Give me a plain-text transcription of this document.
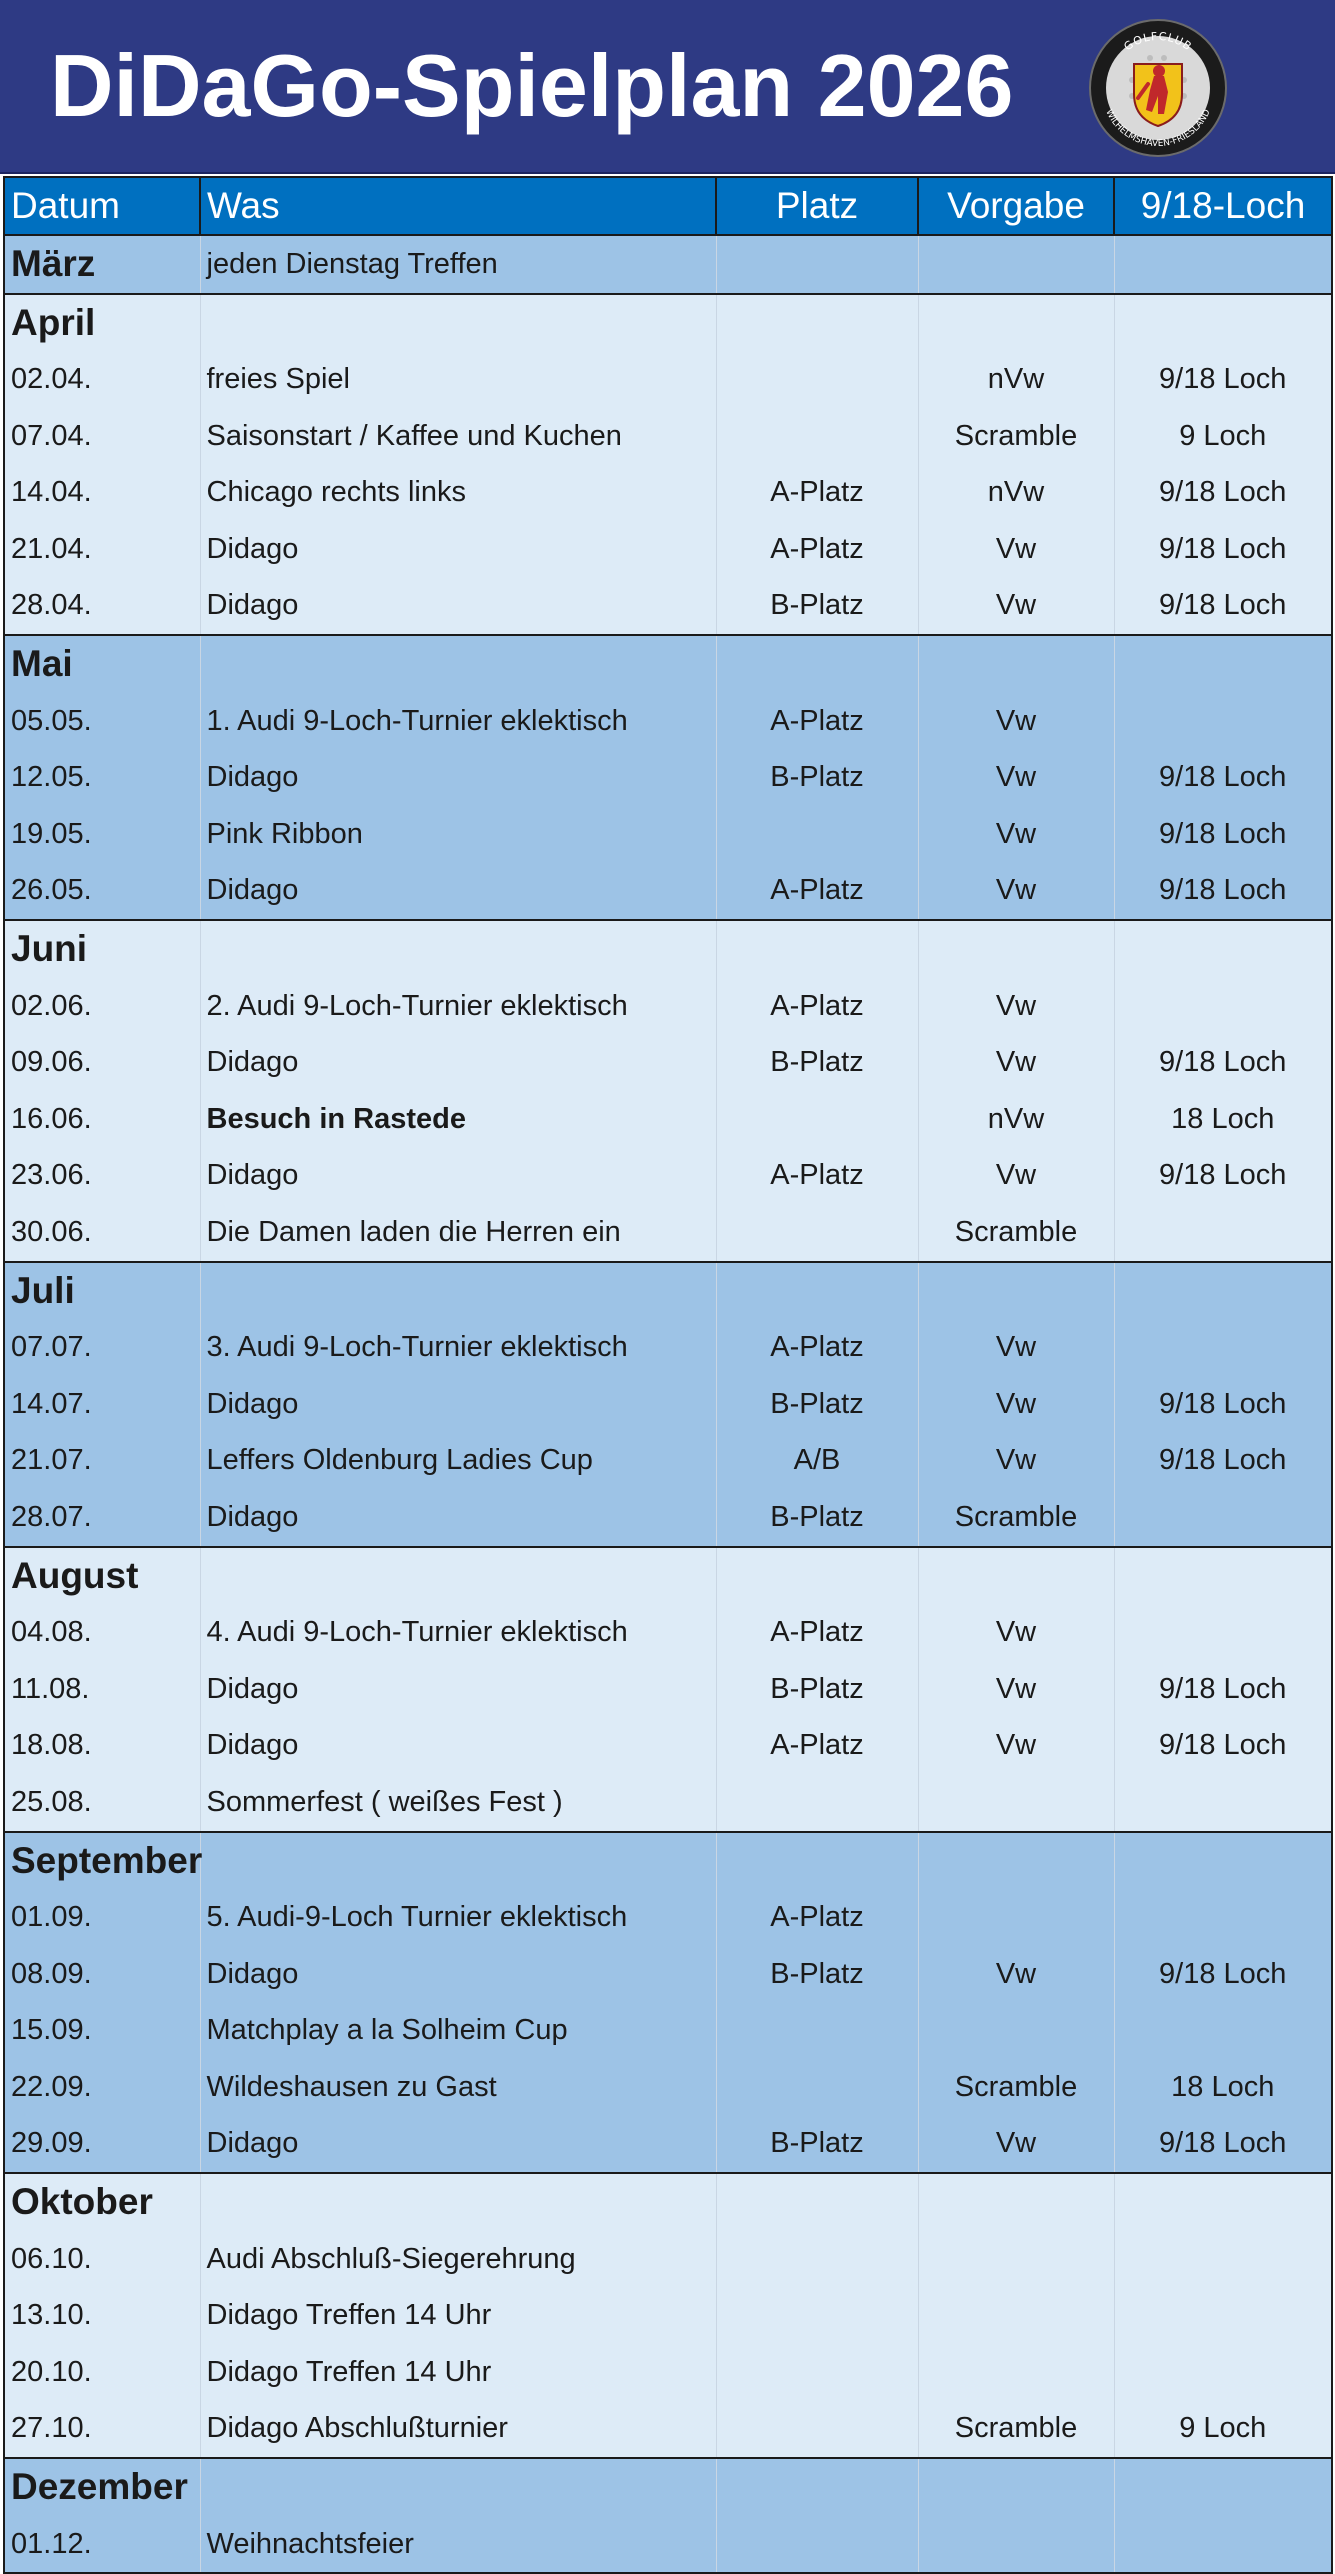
DiDaGo-Spielplan 2026	GOLFCLUB
WILHELMSHAVEN-FRIESLAND
Datum	Was	Platz	Vorgabe	9/18-Loch
März	jeden Dienstag Treffen			
April				
02.04.	freies Spiel		nVw	9/18 Loch
07.04.	Saisonstart / Kaffee und Kuchen		Scramble	9 Loch
14.04.	Chicago rechts links	A-Platz	nVw	9/18 Loch
21.04.	Didago	A-Platz	Vw	9/18 Loch
28.04.	Didago	B-Platz	Vw	9/18 Loch
Mai				
05.05.	1. Audi 9-Loch-Turnier eklektisch	A-Platz	Vw	
12.05.	Didago	B-Platz	Vw	9/18 Loch
19.05.	Pink Ribbon		Vw	9/18 Loch
26.05.	Didago	A-Platz	Vw	9/18 Loch
Juni				
02.06.	2. Audi 9-Loch-Turnier eklektisch	A-Platz	Vw	
09.06.	Didago	B-Platz	Vw	9/18 Loch
16.06.	Besuch in Rastede		nVw	18 Loch
23.06.	Didago	A-Platz	Vw	9/18 Loch
30.06.	Die Damen laden die Herren ein		Scramble	
Juli				
07.07.	3. Audi 9-Loch-Turnier eklektisch	A-Platz	Vw	
14.07.	Didago	B-Platz	Vw	9/18 Loch
21.07.	Leffers Oldenburg Ladies Cup	A/B	Vw	9/18 Loch
28.07.	Didago	B-Platz	Scramble	
August				
04.08.	4. Audi 9-Loch-Turnier eklektisch	A-Platz	Vw	
11.08.	Didago	B-Platz	Vw	9/18 Loch
18.08.	Didago	A-Platz	Vw	9/18 Loch
25.08.	Sommerfest ( weißes Fest )			
September				
01.09.	5. Audi-9-Loch Turnier eklektisch	A-Platz		
08.09.	Didago	B-Platz	Vw	9/18 Loch
15.09.	Matchplay a la Solheim Cup			
22.09.	Wildeshausen zu Gast		Scramble	18 Loch
29.09.	Didago	B-Platz	Vw	9/18 Loch
Oktober				
06.10.	Audi Abschluß-Siegerehrung			
13.10.	Didago Treffen 14 Uhr			
20.10.	Didago Treffen 14 Uhr			
27.10.	Didago Abschlußturnier		Scramble	9 Loch
Dezember				
01.12.	Weihnachtsfeier			
